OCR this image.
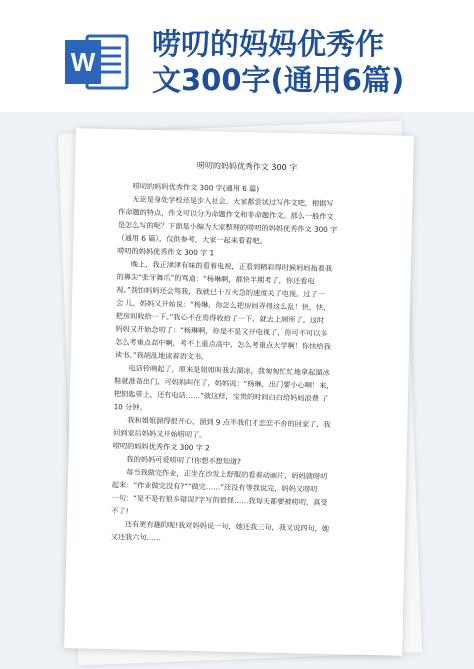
W
唠叨的妈妈优秀作
文300字(通用6篇)
唠叨的妈妈优秀作文 300 字

唠叨的妈妈优秀作文 300 字(通用 6 篇)

无论是身处学校还是步入社会，大家都尝试过写作文吧，根据写

作命题的特点，作文可以分为命题作文和非命题作文。那么一般作文

是怎么写的呢？下面是小编为大家整理的唠叨的妈妈优秀作文 300 字

（通用 6 篇），仅供参考，大家一起来看看吧。

唠叨的妈妈优秀作文 300 字 1

晚上，我正津津有味的看着电视，正看到精彩得时候妈妈指着我

的鼻尖“张牙舞爪”的骂道：“杨琳啊，都快半期考了，你还看电

视。”我怕妈妈还会骂我，我就已十万火急的速度关了电视。过了一

会 儿，妈妈又开始说：“杨琳，你怎么把房间弄得这么乱！快，快，

把房间收拾一下。”我心不在焉得收拾了一下，就去上厕所了。这时

妈妈又开始念叨了：“杨琳啊，你是不是又开电视了，你可不可以多

怎么考重点高中啊，考不上重点高中，怎么考重点大学啊！你快给我

读书。”我胡乱地读着语文书。

电话铃响起了，原来是姐姐叫我去溜冰，我匆匆忙忙地拿起溜冰

鞋就准备出门，可妈妈叫住了，妈妈说：“杨琳，出门要小心啊！来，

把钥匙带上，还有电话……”就这样，宝贵的时间白白给妈妈浪费 了

10 分钟。

我和姐姐溜得很开心，溜到 9 点半我们才恋恋不舍的回家了，我

回到家后妈妈又开始唠叨了。

唠叨的妈妈优秀作文 300 字 2

我的妈妈可爱唠叨了!你想不想知道?

每当我做完作业，正坐在沙发上舒服的看着动画片，妈妈就唠叨

起来：“作业做完没有?”“做完……”还没有等我说完，妈妈又唠叨

一句：“是不是有很多错误?字写的很怪……我每天都要被唠叨，真受

不了!

还有更有趣的呢!我对妈妈说一句，她还我三句，我又说四句，她

又还我六句……
